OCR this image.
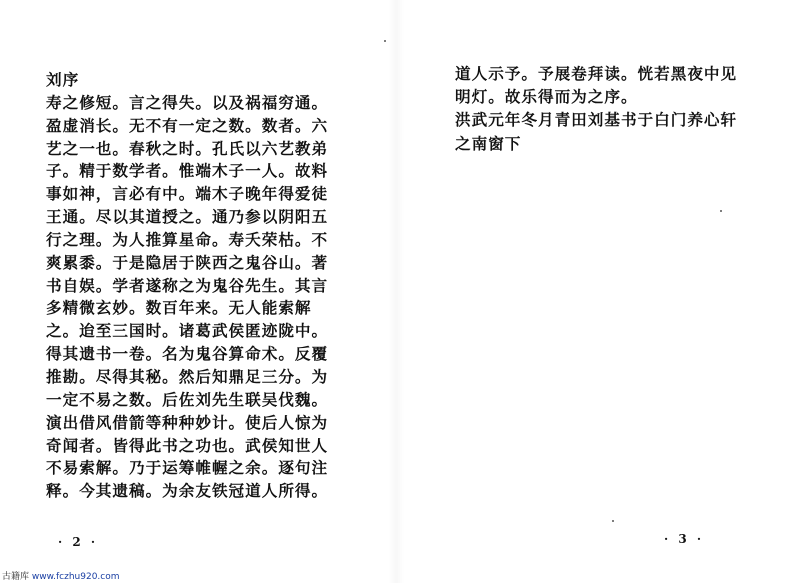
刘序
寿之修短。言之得失。以及祸福穷通。
盈虚消长。无不有一定之数。数者。六
艺之一也。春秋之时。孔氏以六艺教弟
子。精于数学者。惟端木子一人。故料
事如神，言必有中。端木子晚年得爱徒
王通。尽以其道授之。通乃参以阴阳五
行之理。为人推算星命。寿夭荣枯。不
爽累黍。于是隐居于陕西之鬼谷山。著
书自娱。学者遂称之为鬼谷先生。其言
多精微玄妙。数百年来。无人能索解
之。迨至三国时。诸葛武侯匿迹陇中。
得其遗书一卷。名为鬼谷算命术。反覆
推勘。尽得其秘。然后知鼎足三分。为
一定不易之数。后佐刘先生联吴伐魏。
演出借风借箭等种种妙计。使后人惊为
奇闻者。皆得此书之功也。武侯知世人
不易索解。乃于运筹帷幄之余。逐句注
释。今其遗稿。为余友铁冠道人所得。
· 2 ·
道人示予。予展卷拜读。恍若黑夜中见
明灯。故乐得而为之序。
洪武元年冬月青田刘基书于白门养心轩
之南窗下
· 3 ·
古籍库 www.fczhu920.com
